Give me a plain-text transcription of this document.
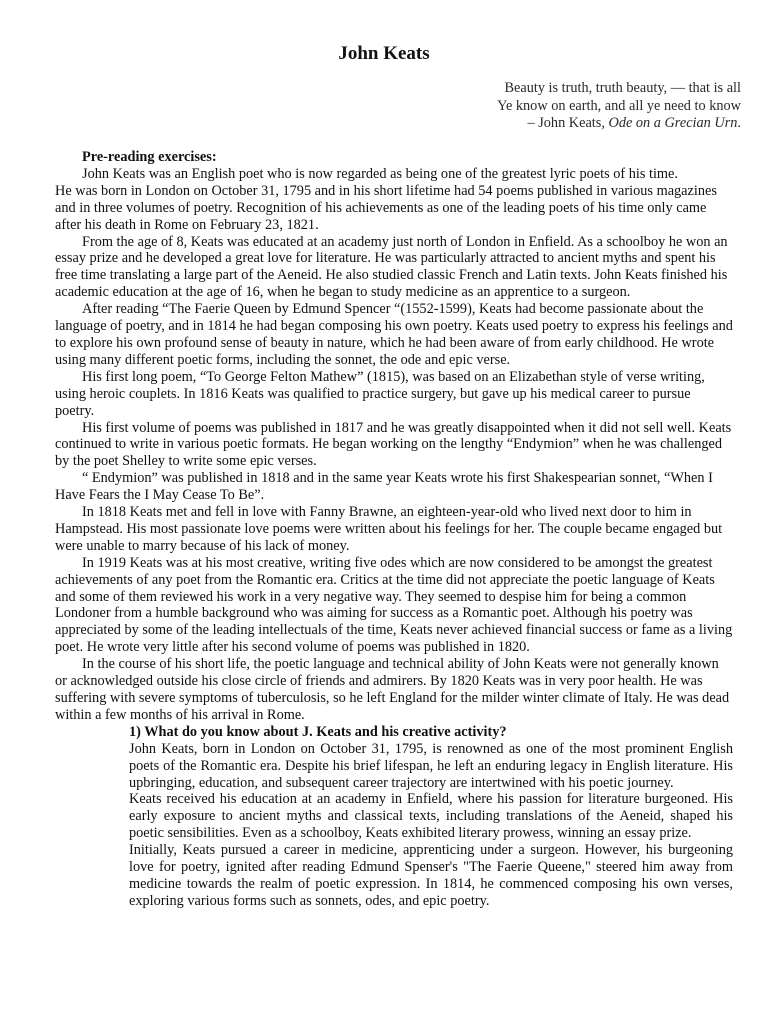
John Keats
Beauty is truth, truth beauty, — that is all
Ye know on earth, and all ye need to know
– John Keats, Ode on a Grecian Urn.

Pre-reading exercises:

John Keats was an English poet who is now regarded as being one of the greatest lyric poets of his time.

He was born in London on October 31, 1795 and in his short lifetime had 54 poems published in various magazines and in three volumes of poetry. Recognition of his achievements as one of the leading poets of his time only came after his death in Rome on February 23, 1821.

From the age of 8, Keats was educated at an academy just north of London in Enfield. As a schoolboy he won an essay prize and he developed a great love for literature. He was particularly attracted to ancient myths and spent his free time translating a large part of the Aeneid. He also studied classic French and Latin texts. John Keats finished his academic education at the age of 16, when he began to study medicine as an apprentice to a surgeon.

After reading “The Faerie Queen by Edmund Spencer “(1552-1599), Keats had become passionate about the language of poetry, and in 1814 he had began composing his own poetry. Keats used poetry to express his feelings and to explore his own profound sense of beauty in nature, which he had been aware of from early childhood. He wrote using many different poetic forms, including the sonnet, the ode and epic verse.

His first long poem, “To George Felton Mathew” (1815), was based on an Elizabethan style of verse writing, using heroic couplets. In 1816 Keats was qualified to practice surgery, but gave up his medical career to pursue poetry.

His first volume of poems was published in 1817 and he was greatly disappointed when it did not sell well. Keats continued to write in various poetic formats. He began working on the lengthy “Endymion” when he was challenged by the poet Shelley to write some epic verses.

“ Endymion” was published in 1818 and in the same year Keats wrote his first Shakespearian sonnet, “When I Have Fears the I May Cease To Be”.

In 1818 Keats met and fell in love with Fanny Brawne, an eighteen-year-old who lived next door to him in Hampstead. His most passionate love poems were written about his feelings for her. The couple became engaged but were unable to marry because of his lack of money.

In 1919 Keats was at his most creative, writing five odes which are now considered to be amongst the greatest achievements of any poet from the Romantic era. Critics at the time did not appreciate the poetic language of Keats and some of them reviewed his work in a very negative way. They seemed to despise him for being a common Londoner from a humble background who was aiming for success as a Romantic poet. Although his poetry was appreciated by some of the leading intellectuals of the time, Keats never achieved financial success or fame as a living poet. He wrote very little after his second volume of poems was published in 1820.

In the course of his short life, the poetic language and technical ability of John Keats were not generally known or acknowledged outside his close circle of friends and admirers. By 1820 Keats was in very poor health. He was suffering with severe symptoms of tuberculosis, so he left England for the milder winter climate of Italy. He was dead within a few months of his arrival in Rome.

1) What do you know about J. Keats and his creative activity?

John Keats, born in London on October 31, 1795, is renowned as one of the most prominent English poets of the Romantic era. Despite his brief lifespan, he left an enduring legacy in English literature. His upbringing, education, and subsequent career trajectory are intertwined with his poetic journey.

Keats received his education at an academy in Enfield, where his passion for literature burgeoned. His early exposure to ancient myths and classical texts, including translations of the Aeneid, shaped his poetic sensibilities. Even as a schoolboy, Keats exhibited literary prowess, winning an essay prize.

Initially, Keats pursued a career in medicine, apprenticing under a surgeon. However, his burgeoning love for poetry, ignited after reading Edmund Spenser's "The Faerie Queene," steered him away from medicine towards the realm of poetic expression. In 1814, he commenced composing his own verses, exploring various forms such as sonnets, odes, and epic poetry.
